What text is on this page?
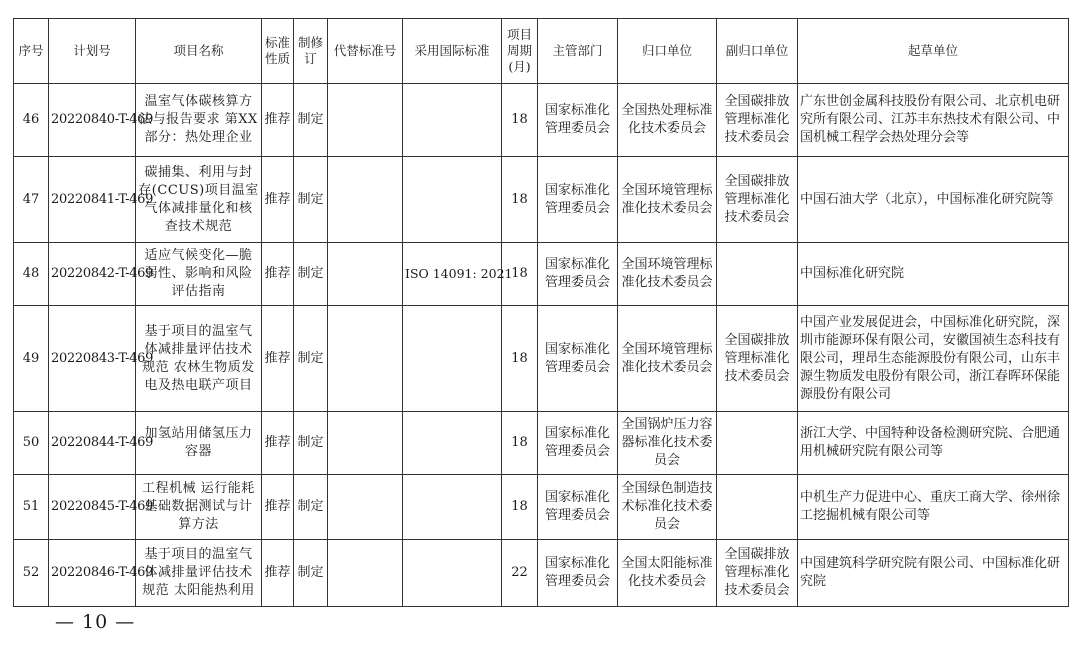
序号	计划号	项目名称	标准性质	制修订	代替标准号	采用国际标准	项目周期(月)	主管部门	归口单位	副归口单位	起草单位
46	20220840-T-469	温室气体碳核算方法与报告要求 第XX部分：热处理企业	推荐	制定			18	国家标准化管理委员会	全国热处理标准化技术委员会	全国碳排放管理标准化技术委员会	广东世创金属科技股份有限公司、北京机电研究所有限公司、江苏丰东热技术有限公司、中国机械工程学会热处理分会等
47	20220841-T-469	碳捕集、利用与封存(CCUS)项目温室气体减排量化和核查技术规范	推荐	制定			18	国家标准化管理委员会	全国环境管理标准化技术委员会	全国碳排放管理标准化技术委员会	中国石油大学（北京），中国标准化研究院等
48	20220842-T-469	适应气候变化—脆弱性、影响和风险评估指南	推荐	制定		ISO 14091: 2021	18	国家标准化管理委员会	全国环境管理标准化技术委员会		中国标准化研究院
49	20220843-T-469	基于项目的温室气体减排量评估技术规范 农林生物质发电及热电联产项目	推荐	制定			18	国家标准化管理委员会	全国环境管理标准化技术委员会	全国碳排放管理标准化技术委员会	中国产业发展促进会，中国标准化研究院，深圳市能源环保有限公司，安徽国祯生态科技有限公司，理昂生态能源股份有限公司，山东丰源生物质发电股份有限公司，浙江春晖环保能源股份有限公司
50	20220844-T-469	加氢站用储氢压力容器	推荐	制定			18	国家标准化管理委员会	全国锅炉压力容器标准化技术委员会		浙江大学、中国特种设备检测研究院、合肥通用机械研究院有限公司等
51	20220845-T-469	工程机械 运行能耗基础数据测试与计算方法	推荐	制定			18	国家标准化管理委员会	全国绿色制造技术标准化技术委员会		中机生产力促进中心、重庆工商大学、徐州徐工挖掘机械有限公司等
52	20220846-T-469	基于项目的温室气体减排量评估技术规范 太阳能热利用	推荐	制定			22	国家标准化管理委员会	全国太阳能标准化技术委员会	全国碳排放管理标准化技术委员会	中国建筑科学研究院有限公司、中国标准化研究院
— 10 —
